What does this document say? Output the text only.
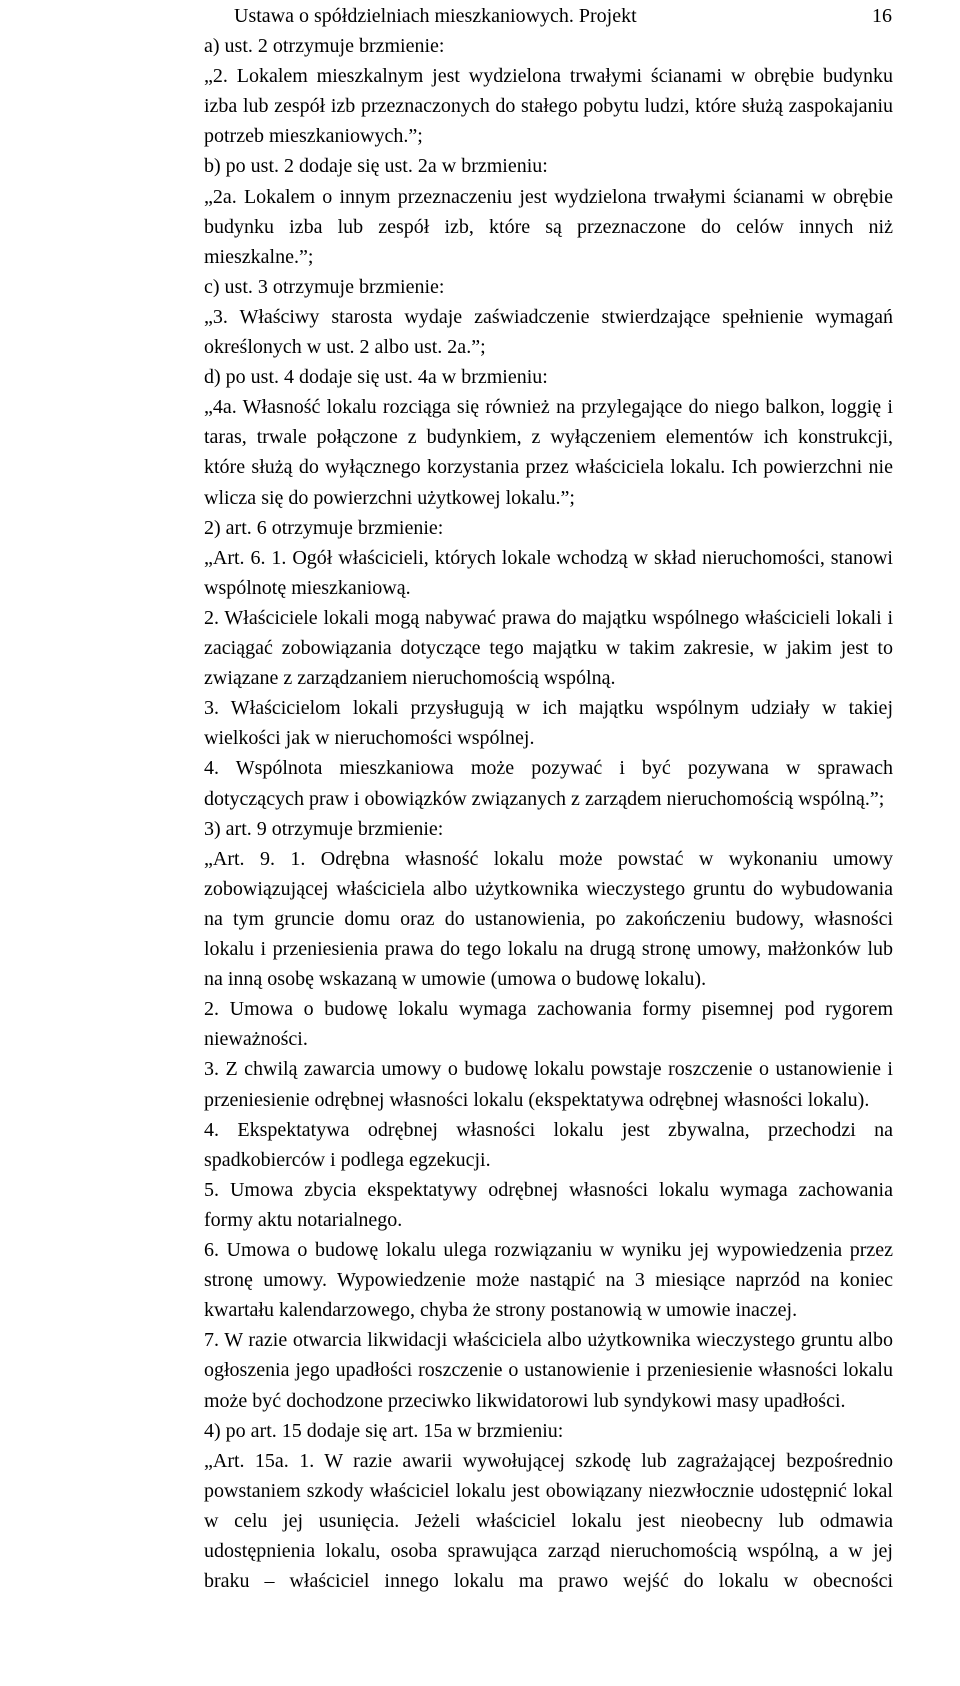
Ustawa o spółdzielniach mieszkaniowych. Projekt	16
a) ust. 2 otrzymuje brzmienie:
„2. Lokalem mieszkalnym jest wydzielona trwałymi ścianami w obrębie budynku
izba lub zespół izb przeznaczonych do stałego pobytu ludzi, które służą zaspokajaniu
potrzeb mieszkaniowych.”;
b) po ust. 2 dodaje się ust. 2a w brzmieniu:
„2a. Lokalem o innym przeznaczeniu jest wydzielona trwałymi ścianami w obrębie
budynku izba lub zespół izb, które są przeznaczone do celów innych niż
mieszkalne.”;
c) ust. 3 otrzymuje brzmienie:
„3. Właściwy starosta wydaje zaświadczenie stwierdzające spełnienie wymagań
określonych w ust. 2 albo ust. 2a.”;
d) po ust. 4 dodaje się ust. 4a w brzmieniu:
„4a. Własność lokalu rozciąga się również na przylegające do niego balkon, loggię i
taras, trwale połączone z budynkiem, z wyłączeniem elementów ich konstrukcji,
które służą do wyłącznego korzystania przez właściciela lokalu. Ich powierzchni nie
wlicza się do powierzchni użytkowej lokalu.”;
2) art. 6 otrzymuje brzmienie:
„Art. 6. 1. Ogół właścicieli, których lokale wchodzą w skład nieruchomości, stanowi
wspólnotę mieszkaniową.
2. Właściciele lokali mogą nabywać prawa do majątku wspólnego właścicieli lokali i
zaciągać zobowiązania dotyczące tego majątku w takim zakresie, w jakim jest to
związane z zarządzaniem nieruchomością wspólną.
3. Właścicielom lokali przysługują w ich majątku wspólnym udziały w takiej
wielkości jak w nieruchomości wspólnej.
4. Wspólnota mieszkaniowa może pozywać i być pozywana w sprawach
dotyczących praw i obowiązków związanych z zarządem nieruchomością wspólną.”;
3) art. 9 otrzymuje brzmienie:
„Art. 9. 1. Odrębna własność lokalu może powstać w wykonaniu umowy
zobowiązującej właściciela albo użytkownika wieczystego gruntu do wybudowania
na tym gruncie domu oraz do ustanowienia, po zakończeniu budowy, własności
lokalu i przeniesienia prawa do tego lokalu na drugą stronę umowy, małżonków lub
na inną osobę wskazaną w umowie (umowa o budowę lokalu).
2. Umowa o budowę lokalu wymaga zachowania formy pisemnej pod rygorem
nieważności.
3. Z chwilą zawarcia umowy o budowę lokalu powstaje roszczenie o ustanowienie i
przeniesienie odrębnej własności lokalu (ekspektatywa odrębnej własności lokalu).
4. Ekspektatywa odrębnej własności lokalu jest zbywalna, przechodzi na
spadkobierców i podlega egzekucji.
5. Umowa zbycia ekspektatywy odrębnej własności lokalu wymaga zachowania
formy aktu notarialnego.
6. Umowa o budowę lokalu ulega rozwiązaniu w wyniku jej wypowiedzenia przez
stronę umowy. Wypowiedzenie może nastąpić na 3 miesiące naprzód na koniec
kwartału kalendarzowego, chyba że strony postanowią w umowie inaczej.
7. W razie otwarcia likwidacji właściciela albo użytkownika wieczystego gruntu albo
ogłoszenia jego upadłości roszczenie o ustanowienie i przeniesienie własności lokalu
może być dochodzone przeciwko likwidatorowi lub syndykowi masy upadłości.
4) po art. 15 dodaje się art. 15a w brzmieniu:
„Art. 15a. 1. W razie awarii wywołującej szkodę lub zagrażającej bezpośrednio
powstaniem szkody właściciel lokalu jest obowiązany niezwłocznie udostępnić lokal
w celu jej usunięcia. Jeżeli właściciel lokalu jest nieobecny lub odmawia
udostępnienia lokalu, osoba sprawująca zarząd nieruchomością wspólną, a w jej
braku – właściciel innego lokalu ma prawo wejść do lokalu w obecności
